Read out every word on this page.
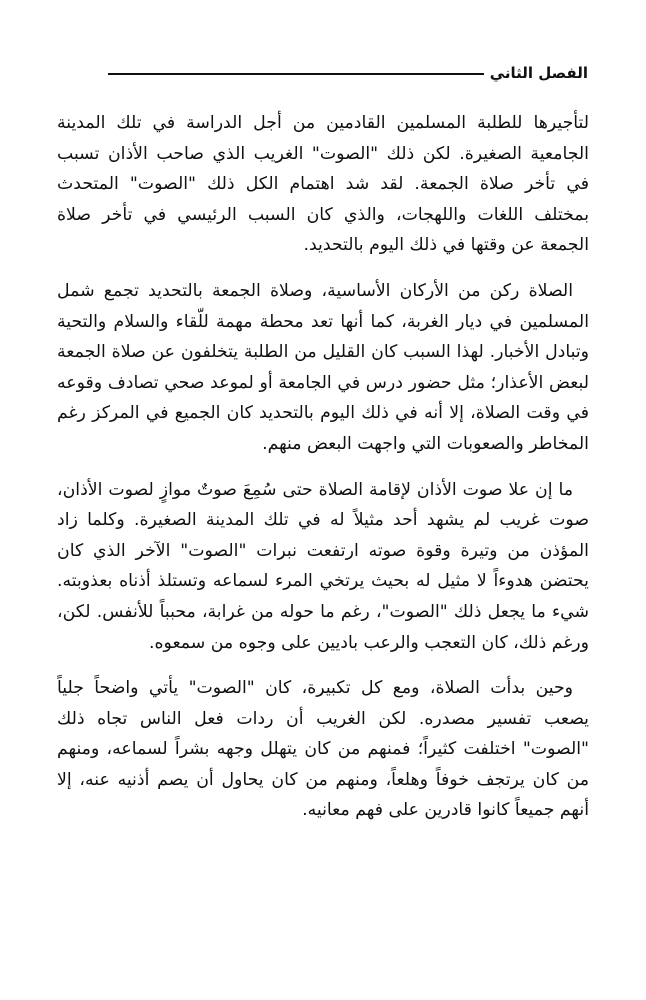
الفصل الثاني

لتأجيرها للطلبة المسلمين القادمين من أجل الدراسة في تلك المدينة الجامعية الصغيرة. لكن ذلك "الصوت" الغريب الذي صاحب الأذان تسبب في تأخر صلاة الجمعة. لقد شد اهتمام الكل ذلك "الصوت" المتحدث بمختلف اللغات واللهجات، والذي كان السبب الرئيسي في تأخر صلاة الجمعة عن وقتها في ذلك اليوم بالتحديد.

الصلاة ركن من الأركان الأساسية، وصلاة الجمعة بالتحديد تجمع شمل المسلمين في ديار الغربة، كما أنها تعد محطة مهمة للّقاء والسلام والتحية وتبادل الأخبار. لهذا السبب كان القليل من الطلبة يتخلفون عن صلاة الجمعة لبعض الأعذار؛ مثل حضور درس في الجامعة أو لموعد صحي تصادف وقوعه في وقت الصلاة، إلا أنه في ذلك اليوم بالتحديد كان الجميع في المركز رغم المخاطر والصعوبات التي واجهت البعض منهم.

ما إن علا صوت الأذان لإقامة الصلاة حتى سُمِعَ صوتٌ موازٍ لصوت الأذان، صوت غريب لم يشهد أحد مثيلاً له في تلك المدينة الصغيرة. وكلما زاد المؤذن من وتيرة وقوة صوته ارتفعت نبرات "الصوت" الآخر الذي كان يحتضن هدوءاً لا مثيل له بحيث يرتخي المرء لسماعه وتستلذ أذناه بعذوبته. شيء ما يجعل ذلك "الصوت"، رغم ما حوله من غرابة، محبباً للأنفس. لكن، ورغم ذلك، كان التعجب والرعب باديين على وجوه من سمعوه.

وحين بدأت الصلاة، ومع كل تكبيرة، كان "الصوت" يأتي واضحاً جلياً يصعب تفسير مصدره. لكن الغريب أن ردات فعل الناس تجاه ذلك "الصوت" اختلفت كثيراً؛ فمنهم من كان يتهلل وجهه بشراً لسماعه، ومنهم من كان يرتجف خوفاً وهلعاً، ومنهم من كان يحاول أن يصم أذنيه عنه، إلا أنهم جميعاً كانوا قادرين على فهم معانيه.
